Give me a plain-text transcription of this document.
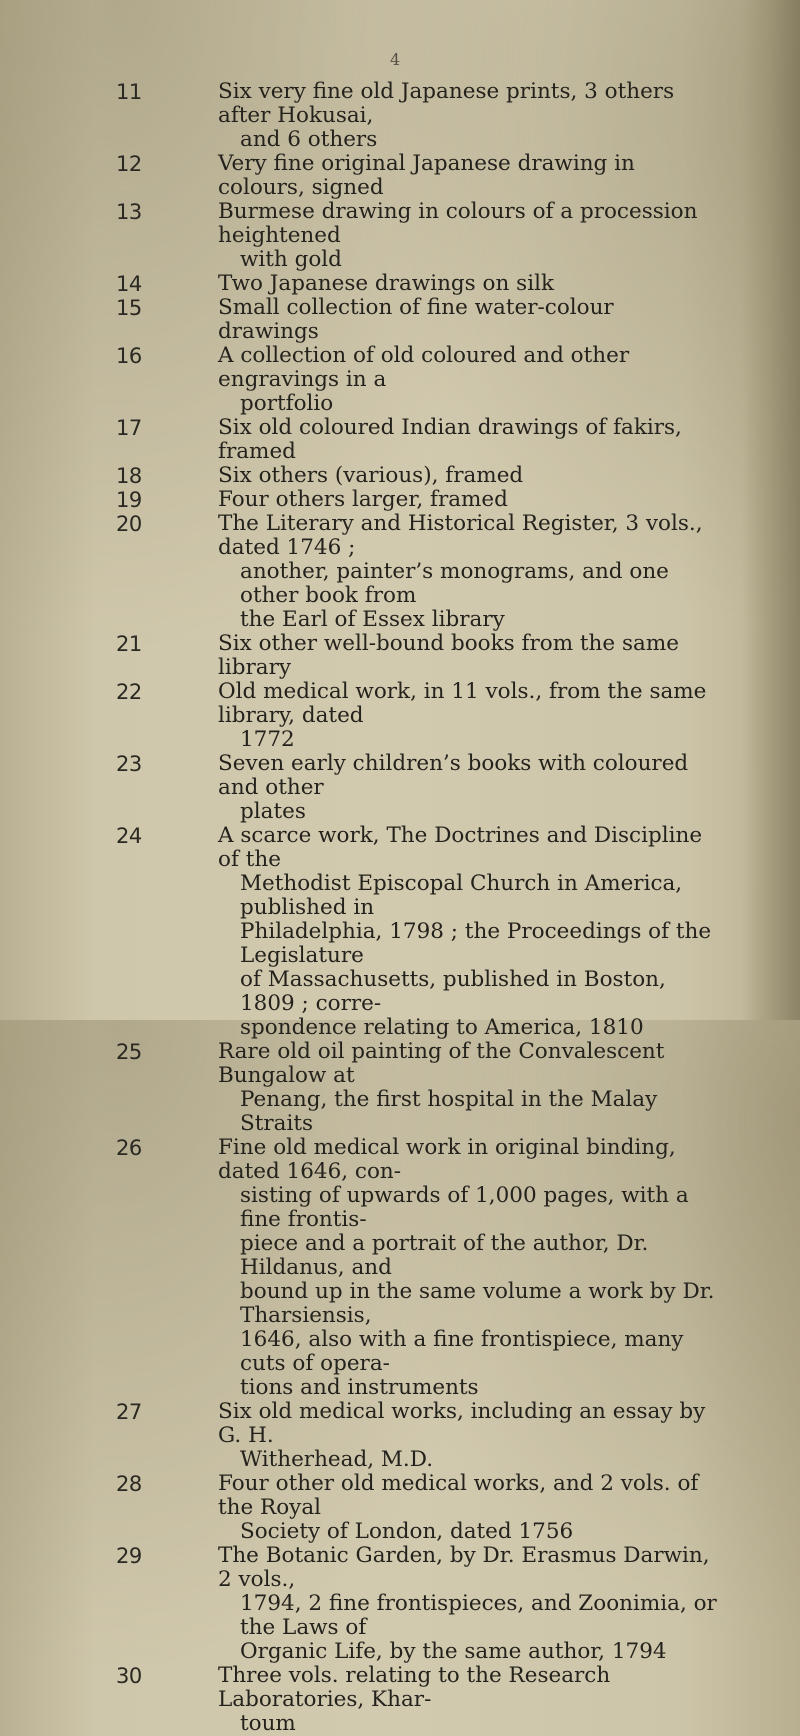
4
11	Six very fine old Japanese prints, 3 others after Hokusai,
and 6 others
12	Very fine original Japanese drawing in colours, signed
13	Burmese drawing in colours of a procession heightened
with gold
14	Two Japanese drawings on silk
15	Small collection of fine water-colour drawings
16	A collection of old coloured and other engravings in a
portfolio
17	Six old coloured Indian drawings of fakirs, framed
18	Six others (various), framed
19	Four others larger, framed
20	The Literary and Historical Register, 3 vols., dated 1746 ;
another, painter’s monograms, and one other book from
the Earl of Essex library
21	Six other well-bound books from the same library
22	Old medical work, in 11 vols., from the same library, dated
1772
23	Seven early children’s books with coloured and other
plates
24	A scarce work, The Doctrines and Discipline of the
Methodist Episcopal Church in America, published in
Philadelphia, 1798 ; the Proceedings of the Legislature
of Massachusetts, published in Boston, 1809 ; corre-
spondence relating to America, 1810
25	Rare old oil painting of the Convalescent Bungalow at
Penang, the first hospital in the Malay Straits
26	Fine old medical work in original binding, dated 1646, con-
sisting of upwards of 1,000 pages, with a fine frontis-
piece and a portrait of the author, Dr. Hildanus, and
bound up in the same volume a work by Dr. Tharsiensis,
1646, also with a fine frontispiece, many cuts of opera-
tions and instruments
27	Six old medical works, including an essay by G. H.
Witherhead, M.D.
28	Four other old medical works, and 2 vols. of the Royal
Society of London, dated 1756
29	The Botanic Garden, by Dr. Erasmus Darwin, 2 vols.,
1794, 2 fine frontispieces, and Zoonimia, or the Laws of
Organic Life, by the same author, 1794
30	Three vols. relating to the Research Laboratories, Khar-
toum
